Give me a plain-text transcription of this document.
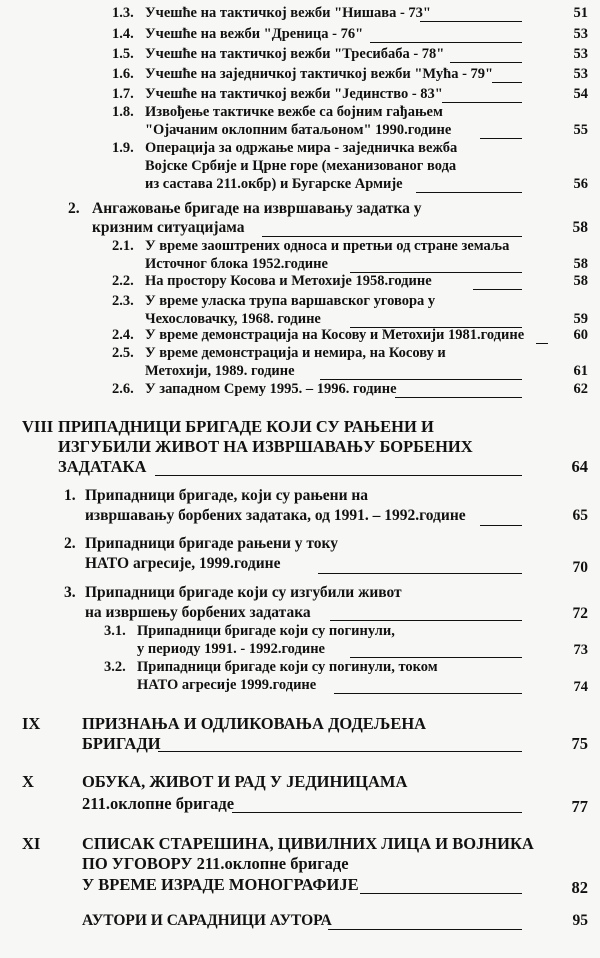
1.3. Учешће на тактичкој вежби "Нишава - 73"	51
1.4. Учешће на вежби "Дреница - 76"	53
1.5. Учешће на тактичкој вежби "Тресибаба - 78"	53
1.6. Учешће на заједничкој тактичкој вежби "Мућа - 79"	53
1.7. Учешће на тактичкој вежби "Јединство - 83"	54
1.8. Извођење тактичке вежбе са бојним гађањем
"Ојачаним оклопним батаљоном" 1990.године	55
1.9. Операција за одржање мира - заједничка вежба
Војске Србије и Црне горе (механизованог вода
из састава 211.окбр) и Бугарске Армије	56
2. Ангажовање бригаде на извршавању задатка у
кризним ситуацијама	58
2.1. У време заоштрених односа и претњи од стране земаља
Источног блока 1952.године	58
2.2. На простору Косова и Метохије 1958.године	58
2.3. У време уласка трупа варшавског уговора у
Чехословачку, 1968. године	59
2.4. У време демонстрација на Косову и Метохији 1981.године	60
2.5. У време демонстрација и немира, на Косову и
Метохији, 1989. године	61
2.6. У западном Срему 1995. – 1996. године	62
VIII ПРИПАДНИЦИ БРИГАДЕ КОЈИ СУ РАЊЕНИ И
ИЗГУБИЛИ ЖИВОТ НА ИЗВРШАВАЊУ БОРБЕНИХ
ЗАДАТАКА	64
1. Припадници бригаде, који су рањени на
извршавању борбених задатака, од 1991. – 1992.године	65
2. Припадници бригаде рањени у току
НАТО агресије, 1999.године	70
3. Припадници бригаде који су изгубили живот
на извршењу борбених задатака	72
3.1. Припадници бригаде који су погинули,
у периоду 1991. - 1992.године	73
3.2. Припадници бригаде који су погинули, током
НАТО агресије 1999.године	74
IX	ПРИЗНАЊА И ОДЛИКОВАЊА ДОДЕЉЕНА
БРИГАДИ	75
X	ОБУКА, ЖИВОТ И РАД У ЈЕДИНИЦАМА
211.оклопне бригаде	77
XI	СПИСАК СТАРЕШИНА, ЦИВИЛНИХ ЛИЦА И ВОЈНИКА
ПО УГОВОРУ 211.оклопне бригаде
У ВРЕМЕ ИЗРАДЕ МОНОГРАФИЈЕ	82
АУТОРИ И САРАДНИЦИ АУТОРА	95
